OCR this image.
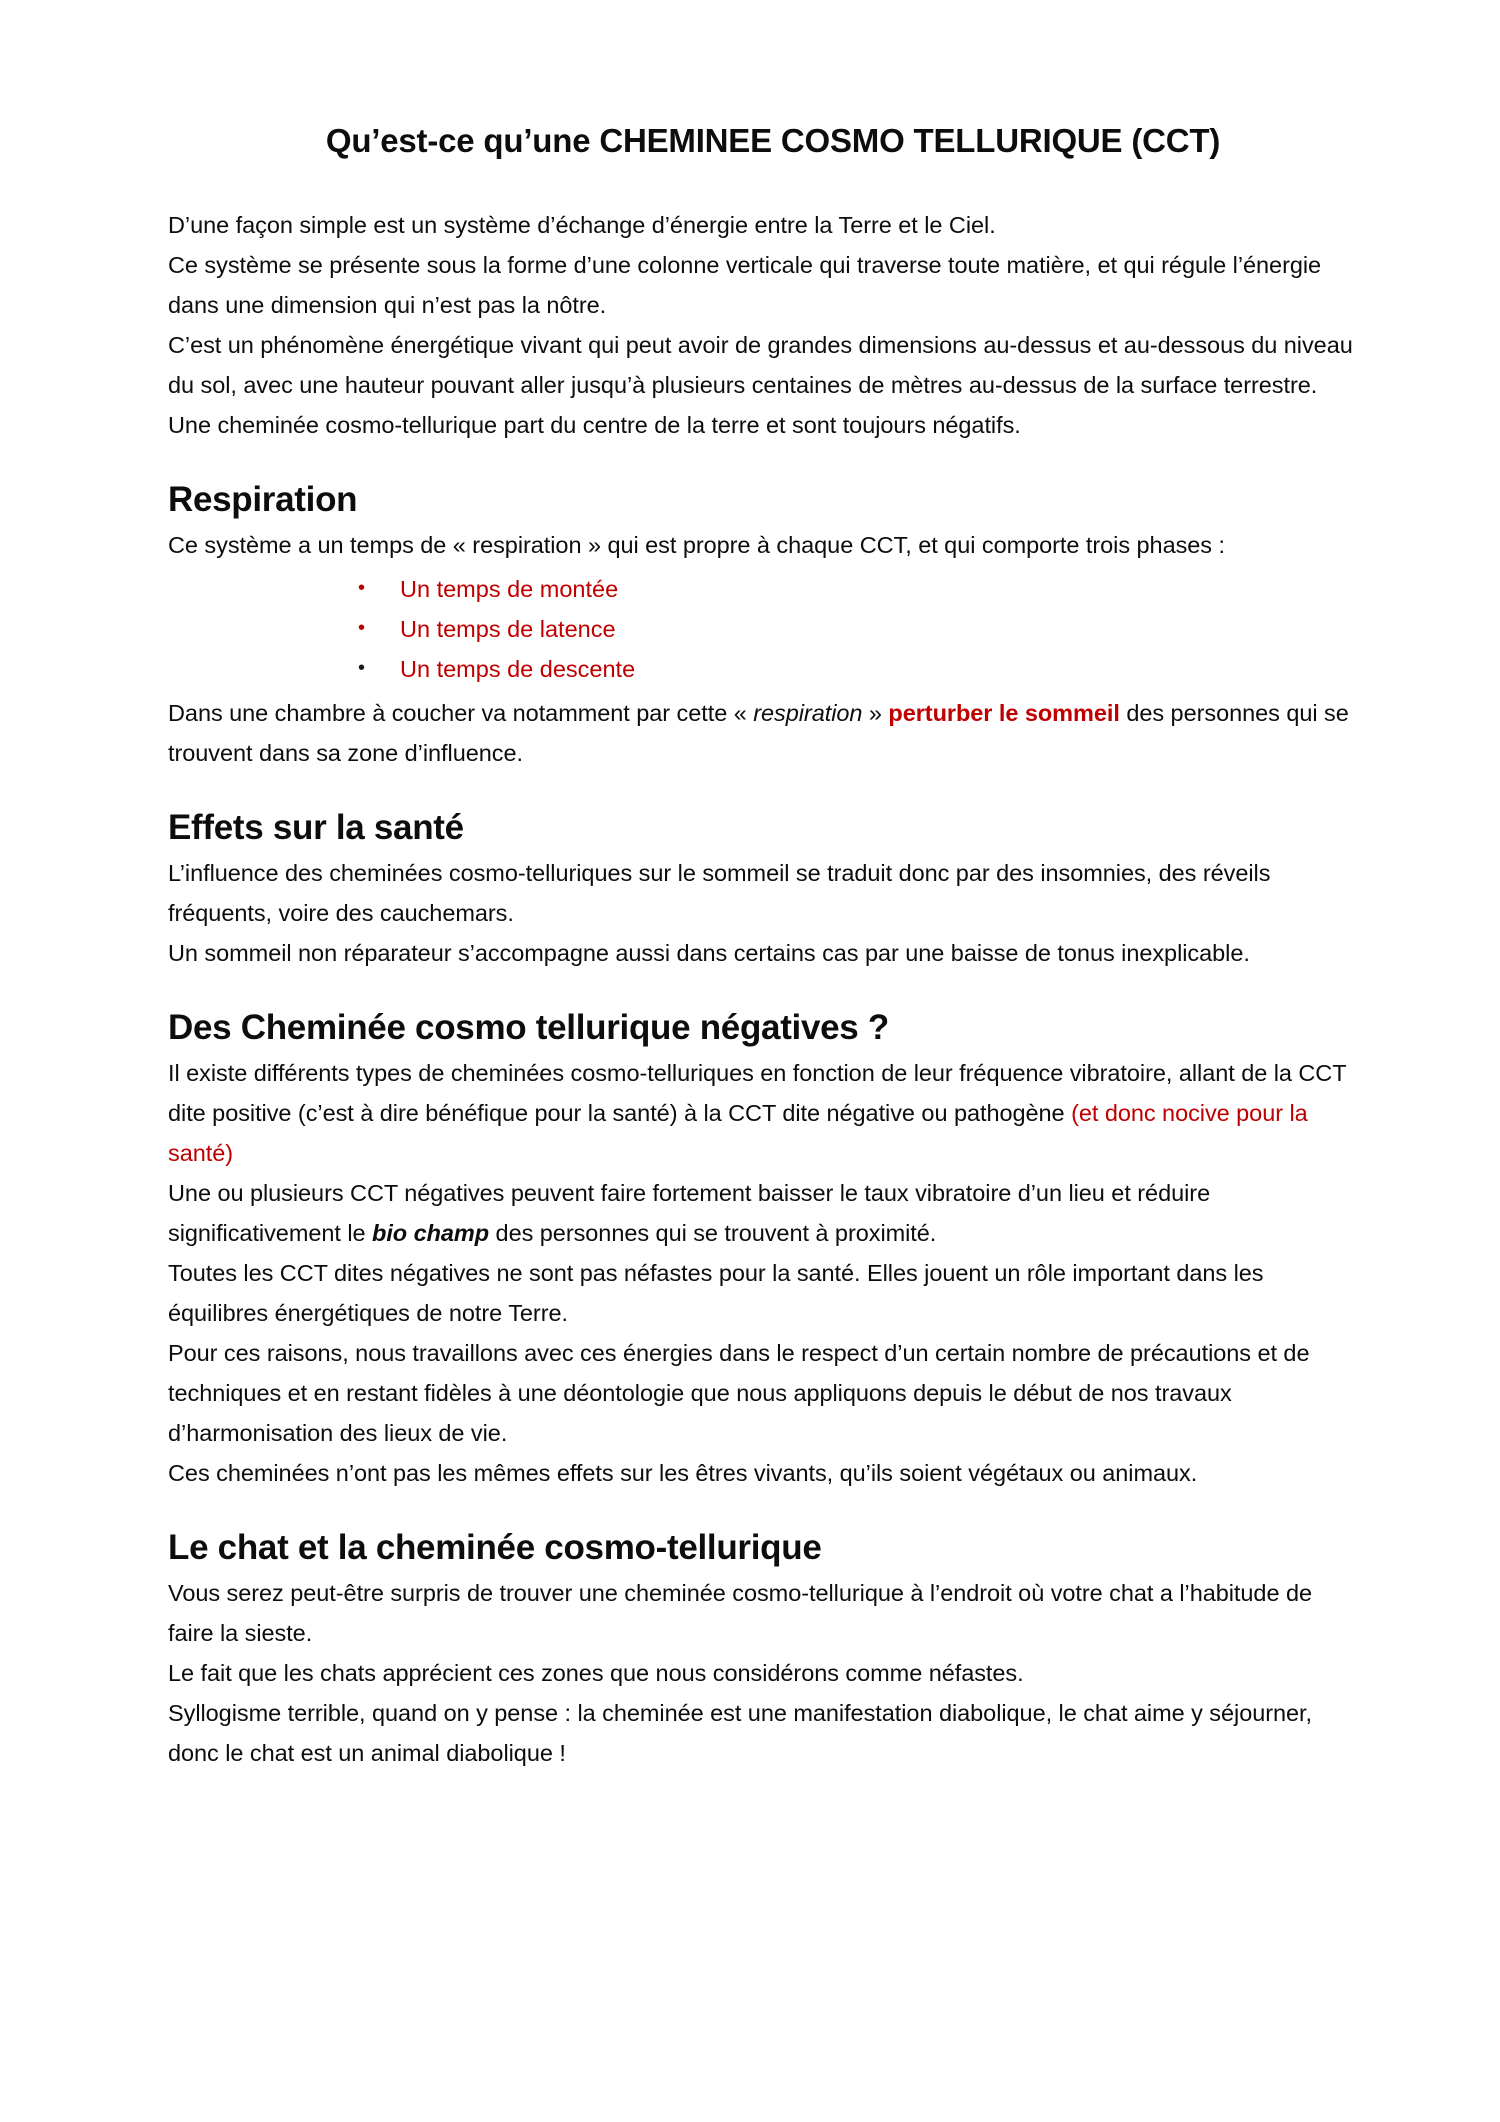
Qu’est-ce qu’une CHEMINEE COSMO TELLURIQUE (CCT)

D’une façon simple est un système d’échange d’énergie entre la Terre et le Ciel.

Ce système se présente sous la forme d’une colonne verticale qui traverse toute matière, et qui régule l’énergie dans une dimension qui n’est pas la nôtre.

C’est un phénomène énergétique vivant qui peut avoir de grandes dimensions au-dessus et au-dessous du niveau du sol, avec une hauteur pouvant aller jusqu’à plusieurs centaines de mètres au-dessus de la surface terrestre.

Une cheminée cosmo-tellurique part du centre de la terre et sont toujours négatifs.

Respiration

Ce système a un temps de « respiration » qui est propre à chaque CCT, et qui comporte trois phases :

• Un temps de montée
• Un temps de latence
• Un temps de descente

Dans une chambre à coucher va notamment par cette « respiration » perturber le sommeil des personnes qui se trouvent dans sa zone d’influence.

Effets sur la santé

L’influence des cheminées cosmo-telluriques sur le sommeil se traduit donc par des insomnies, des réveils fréquents, voire des cauchemars.

Un sommeil non réparateur s’accompagne aussi dans certains cas par une baisse de tonus inexplicable.

Des Cheminée cosmo tellurique négatives ?

Il existe différents types de cheminées cosmo-telluriques en fonction de leur fréquence vibratoire, allant de la CCT dite positive (c’est à dire bénéfique pour la santé) à la CCT dite négative ou pathogène (et donc nocive pour la santé)

Une ou plusieurs CCT négatives peuvent faire fortement baisser le taux vibratoire d’un lieu et réduire significativement le bio champ des personnes qui se trouvent à proximité.

Toutes les CCT dites négatives ne sont pas néfastes pour la santé. Elles jouent un rôle important dans les équilibres énergétiques de notre Terre.

Pour ces raisons, nous travaillons avec ces énergies dans le respect d’un certain nombre de précautions et de techniques et en restant fidèles à une déontologie que nous appliquons depuis le début de nos travaux d’harmonisation des lieux de vie.

Ces cheminées n’ont pas les mêmes effets sur les êtres vivants, qu’ils soient végétaux ou animaux.

Le chat et la cheminée cosmo-tellurique

Vous serez peut-être surpris de trouver une cheminée cosmo-tellurique à l’endroit où votre chat a l’habitude de faire la sieste.

Le fait que les chats apprécient ces zones que nous considérons comme néfastes.

Syllogisme terrible, quand on y pense : la cheminée est une manifestation diabolique, le chat aime y séjourner, donc le chat est un animal diabolique !
